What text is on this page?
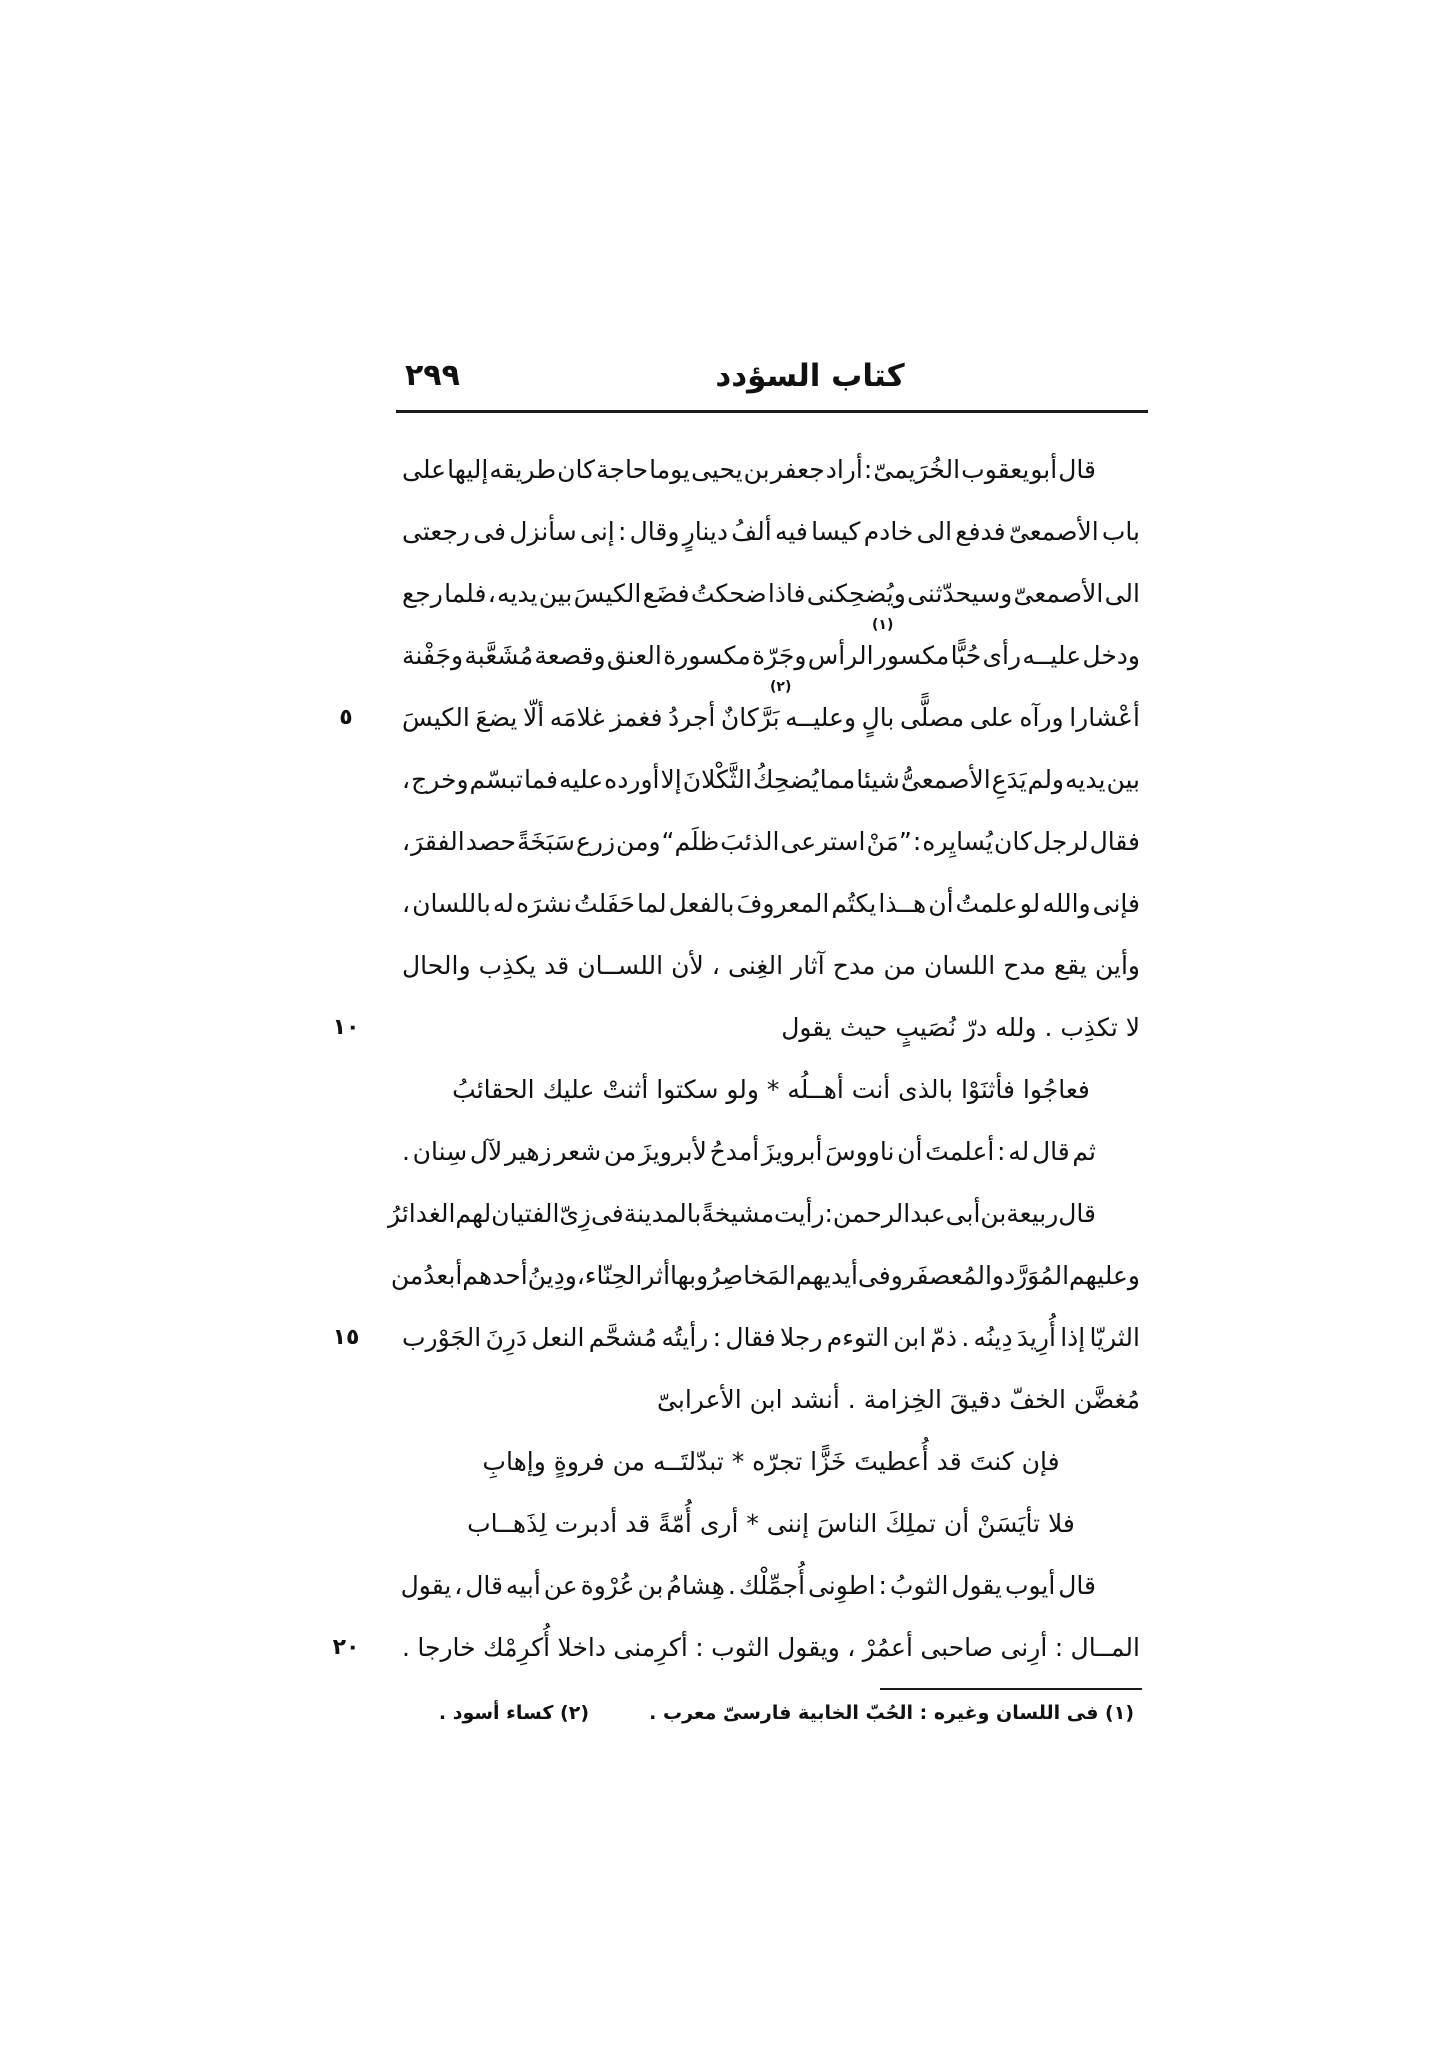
كتاب السؤدد
٢٩٩
قال أبو يعقوب الخُرَيمىّ : أراد جعفر بن يحيى يوما حاجة كان طريقه إليها على
باب الأصمعىّ فدفع الى خادم كيسا فيه ألفُ دينارٍ وقال : إنى سأنزل فى رجعتى
الى الأصمعىّ وسيحدّثنى ويُضحِكنى فاذا ضحكتُ فضَع الكيسَ بين يديه ، فلما رجع
(١)
ودخل عليــه رأى حُبًّا مكسور الرأس وجَرّة مكسورة العنق وقصعة مُشَعَّبة وجَفْنة
(٢)
أعْشارا ورآه على مصلًّى بالٍ وعليــه بَرَّكانٌ أجردُ فغمز غلامَه ألّا يضعَ الكيسَ
٥
بين يديه ولم يَدَعِ الأصمعىُّ شيئا مما يُضحِكُ الثَّكْلانَ إلا أورده عليه فما تبسّم وخرج ،
فقال لرجل كان يُسايِره : ”مَنْ استرعى الذئبَ ظلَم“ ومن زرع سَبَخَةً حصد الفقرَ ،
فإنى والله لو علمتُ أن هــذا يكتُم المعروفَ بالفعل لما حَفَلتُ نشرَه له باللسان ،
وأين يقع مدح اللسان من مدح آثار الغِنى ، لأن اللســان قد يكذِب والحال
لا تكذِب . ولله درّ نُصَيبٍ حيث يقول
١٠
فعاجُوا فأثنَوْا بالذى أنت أهــلُه * ولو سكتوا أثنتْ عليك الحقائبُ
ثم قال له : أعلمتَ أن ناووسَ أبرويزَ أمدحُ لأبرويزَ من شعر زهير لآل سِنان .
قال ربيعة بن أبى عبد الرحمن : رأيت مشيخةً بالمدينة فى زِىّ الفتيان لهم الغدائرُ
وعليهم المُوَرَّد والمُعصفَر وفى أيديهم المَخاصِرُ وبها أثر الحِنّاء ، ودِينُ أحدهم أبعدُ من
الثريّا إذا أُرِيدَ دِينُه . ذمّ ابن التوءم رجلا فقال : رأيتُه مُشحَّم النعل دَرِنَ الجَوْرب
١٥
مُغضَّن الخفّ دقيقَ الخِزامة . أنشد ابن الأعرابىّ
فإن كنتَ قد أُعطيتَ خَزًّا تجرّه * تبدّلتَــه من فروةٍ وإهابِ
فلا تأيَسَنْ أن تملِكَ الناسَ إننى * أرى أُمّةً قد أدبرت لِذَهــاب
قال أيوب يقول الثوبُ : اطوِنى أُجمِّلْك . هِشامُ بن عُرْوة عن أبيه قال ، يقول
المــال : أرِنى صاحبى أعمُرْ ، ويقول الثوب : أكرِمنى داخلا أُكرِمْك خارجا .
٢٠
(١) فى اللسان وغيره : الحُبّ الخابية فارسىّ معرب .
(٢) كساء أسود .
